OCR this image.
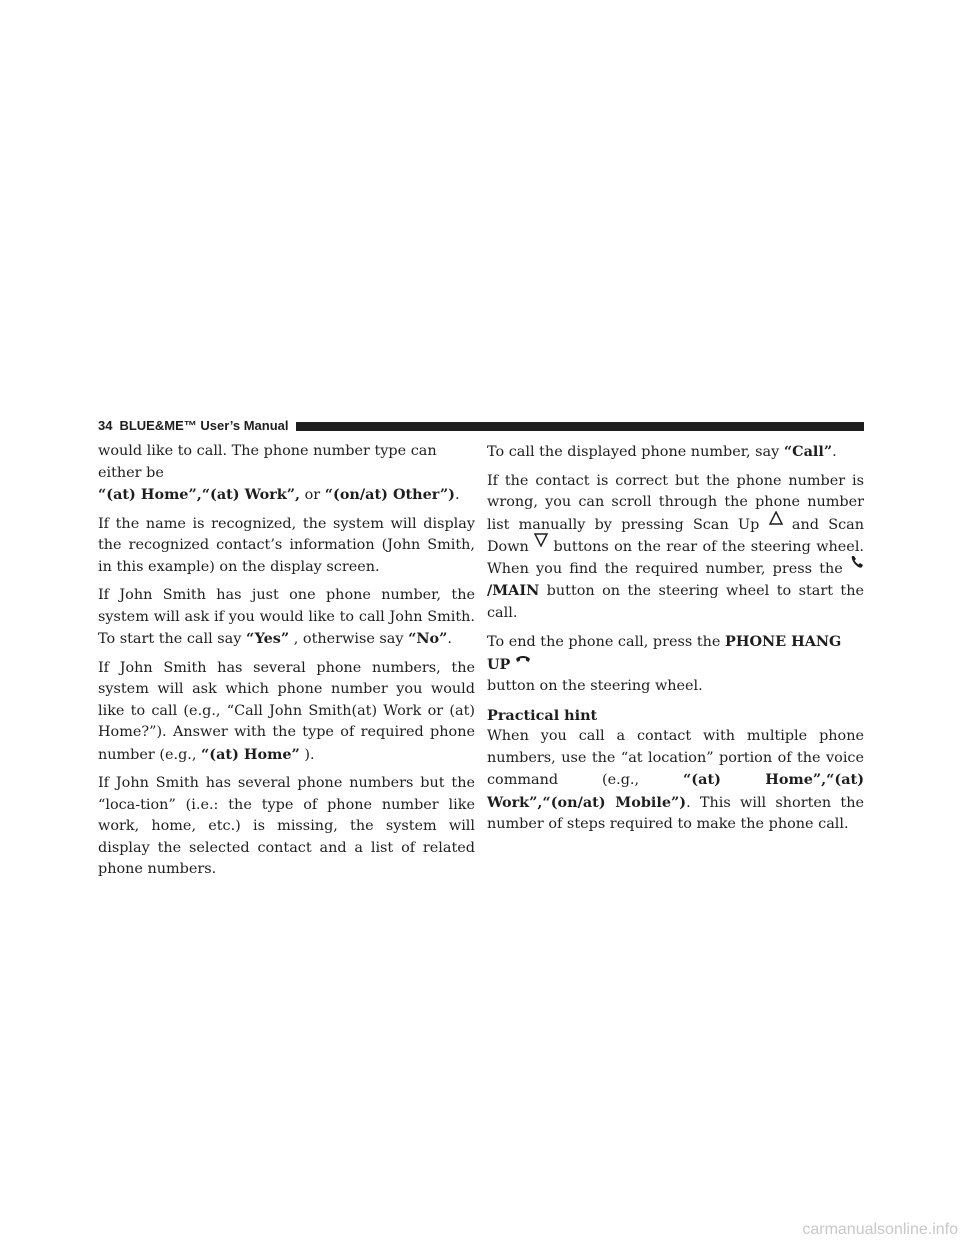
34 BLUE&ME™ User’s Manual

would like to call. The phone number type can either be
“(at) Home”,“(at) Work”, or “(on/at) Other”).

If the name is recognized, the system will display the recognized contact’s information (John Smith, in this example) on the display screen.

If John Smith has just one phone number, the system will ask if you would like to call John Smith. To start the call say “Yes” , otherwise say “No”.

If John Smith has several phone numbers, the system will ask which phone number you would like to call (e.g., “Call John Smith(at) Work or (at) Home?”). Answer with the type of required phone number (e.g., “(at) Home” ).

If John Smith has several phone numbers but the “loca-tion” (i.e.: the type of phone number like work, home, etc.) is missing, the system will display the selected contact and a list of related phone numbers.

To call the displayed phone number, say “Call”.

If the contact is correct but the phone number is wrong, you can scroll through the phone number list manually by pressing Scan Up  and Scan Down  buttons on the rear of the steering wheel. When you find the required number, press the /MAIN button on the steering wheel to start the call.

To end the phone call, press the PHONE HANG UP
button on the steering wheel.

Practical hint

When you call a contact with multiple phone numbers, use the “at location” portion of the voice command (e.g., “(at) Home”,“(at) Work”,“(on/at) Mobile”). This will shorten the number of steps required to make the phone call.

carmanualsonline.info
